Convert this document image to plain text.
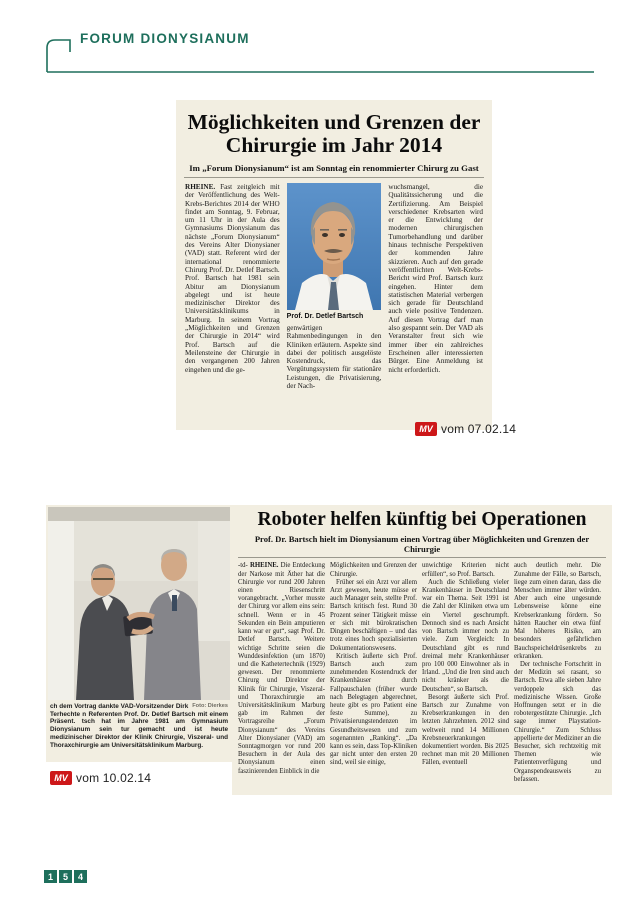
FORUM DIONYSIANUM
Möglichkeiten und Grenzen der Chirurgie im Jahr 2014
Im „Forum Dionysianum“ ist am Sonntag ein renommierter Chirurg zu Gast

RHEINE. Fast zeitgleich mit der Veröffentlichung des Welt-Krebs-Berichtes 2014 der WHO findet am Sonntag, 9. Februar, um 11 Uhr in der Aula des Gymnasiums Dionysianum das nächste „Forum Dionysianum“ des Vereins Alter Dionysianer (VAD) statt. Referent wird der international renommierte Chirurg Prof. Dr. Detlef Bartsch. Prof. Bartsch hat 1981 sein Abitur am Dionysianum abgelegt und ist heute medizinischer Direktor des Universitätsklinikums in Marburg. In seinem Vortrag „Möglichkeiten und Grenzen der Chirurgie in 2014“ wird Prof. Bartsch auf die Meilensteine der Chirurgie in den vergangenen 200 Jahren eingehen und die ge-

Prof. Dr. Detlef Bartsch

genwärtigen Rahmenbedingungen in den Kliniken erläutern. Aspekte sind dabei der politisch ausgelöste Kostendruck, das Vergütungssystem für stationäre Leistungen, die Privatisierung, der Nach-

wuchsmangel, die Qualitätssicherung und die Zertifizierung. Am Beispiel verschiedener Krebsarten wird er die Entwicklung der modernen chirurgischen Tumorbehandlung und darüber hinaus technische Perspektiven der kommenden Jahre skizzieren. Auch auf den gerade veröffentlichten Welt-Krebs-Bericht wird Prof. Bartsch kurz eingehen. Hinter dem statistischen Material verbergen sich gerade für Deutschland auch viele positive Tendenzen. Auf diesen Vortrag darf man also gespannt sein. Der VAD als Veranstalter freut sich wie immer über ein zahlreiches Erscheinen aller interessierten Bürger. Eine Anmeldung ist nicht erforderlich.

MV vom 07.02.14
Foto: Dierkes
ch dem Vortrag dankte VAD-Vorsitzender Dirk Terhechte n Referenten Prof. Dr. Detlef Bartsch mit einem Präsent. tsch hat im Jahre 1981 am Gymnasium Dionysianum sein tur gemacht und ist heute medizinischer Direktor der Klinik Chirurgie, Viszeral- und Thoraxchirurgie am Universitätsklinikum Marburg.
Roboter helfen künftig bei Operationen
Prof. Dr. Bartsch hielt im Dionysianum einen Vortrag über Möglichkeiten und Grenzen der Chirurgie

-td- RHEINE. Die Entdeckung der Narkose mit Äther hat die Chirurgie vor rund 200 Jahren einen Riesenschritt vorangebracht. „Vorher musste der Chirurg vor allem eins sein: schnell. Wenn er in 45 Sekunden ein Bein amputieren kann war er gut“, sagt Prof. Dr. Detlef Bartsch. Weitere wichtige Schritte seien die Wunddesinfektion (um 1870) und die Kathetertechnik (1929) gewesen. Der renommierte Chirurg und Direktor der Klinik für Chirurgie, Viszeral- und Thoraxchirurgie am Universitätsklinikum Marburg gab im Rahmen der Vortragsreihe „Forum Dionysianum“ des Vereins Alter Dionysianer (VAD) am Sonntagmorgen vor rund 200 Besuchern in der Aula des Dionysianum einen faszinierenden Einblick in die

Möglichkeiten und Grenzen der Chirurgie.

Früher sei ein Arzt vor allem Arzt gewesen, heute müsse er auch Manager sein, stellte Prof. Bartsch kritisch fest. Rund 30 Prozent seiner Tätigkeit müsse er sich mit bürokratischen Dingen beschäftigen – und das trotz eines hoch spezialisierten Dokumentationswesens.

Kritisch äußerte sich Prof. Bartsch auch zum zunehmenden Kostendruck der Krankenhäuser durch Fallpauschalen (früher wurde nach Belegtagen abgerechnet, heute gibt es pro Patient eine feste Summe), zu Privatisierungstendenzen im Gesundheitswesen und zum sogenannten „Ranking“. „Da kann es sein, dass Top-Kliniken gar nicht unter den ersten 20 sind, weil sie einige,

unwichtige Kriterien nicht erfüllen“, so Prof. Bartsch.

Auch die Schließung vieler Krankenhäuser in Deutschland war ein Thema. Seit 1991 ist die Zahl der Kliniken etwa um ein Viertel geschrumpft. Dennoch sind es nach Ansicht von Bartsch immer noch zu viele. Zum Vergleich: In Deutschland gibt es rund dreimal mehr Krankenhäuser pro 100 000 Einwohner als in Irland. „Und die Iren sind auch nicht kränker als die Deutschen“, so Bartsch.

Besorgt äußerte sich Prof. Bartsch zur Zunahme von Krebserkrankungen in den letzten Jahrzehnten. 2012 sind weltweit rund 14 Millionen Krebsneuerkrankungen dokumentiert worden. Bis 2025 rechnet man mit 20 Millionen Fällen, eventuell

auch deutlich mehr. Die Zunahme der Fälle, so Bartsch, liege zum einen daran, dass die Menschen immer älter würden. Aber auch eine ungesunde Lebensweise könne eine Krebserkrankung fördern. So hätten Raucher ein etwa fünf Mal höheres Risiko, am besonders gefährlichen Bauchspeicheldrüsenkrebs zu erkranken.

Der technische Fortschritt in der Medizin sei rasant, so Bartsch. Etwa alle sieben Jahre verdoppele sich das medizinische Wissen. Große Hoffnungen setzt er in die robotergestützte Chirurgie. „Ich sage immer Playstation-Chirurgie.“ Zum Schluss appellierte der Mediziner an die Besucher, sich rechtzeitig mit Themen wie Patientenverfügung und Organspendeausweis zu befassen.

MV vom 10.02.14
1	5	4
